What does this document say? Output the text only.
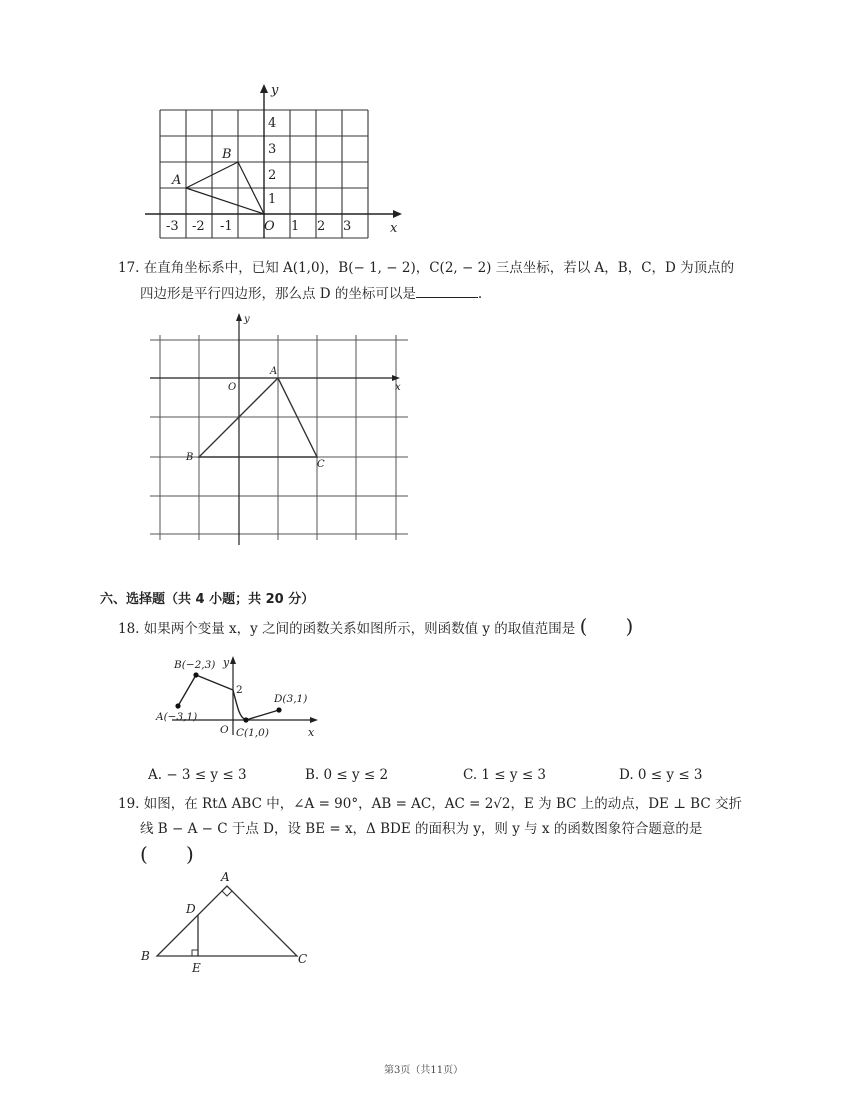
y
x
4
3
2
1
-3 -2 -1 O 1 2 3
A
B
17. 在直角坐标系中，已知 A(1,0)，B(− 1, − 2)，C(2, − 2) 三点坐标，若以 A，B，C，D 为顶点的
四边形是平行四边形，那么点 D 的坐标可以是	.
y
x
O
A
B
C
六、选择题（共 4 小题；共 20 分）
18. 如果两个变量 x，y 之间的函数关系如图所示，则函数值 y 的取值范围是 (      )
B(−2,3)
A(−3,1)
C(1,0)
D(3,1)
2
y
x
O
A. − 3 ≤ y ≤ 3	B. 0 ≤ y ≤ 2	C. 1 ≤ y ≤ 3	D. 0 ≤ y ≤ 3
19. 如图，在 RtΔ ABC 中，∠A = 90°，AB = AC，AC = 2√2，E 为 BC 上的动点，DE ⊥ BC 交折
线 B − A − C 于点 D，设 BE = x，Δ BDE 的面积为 y，则 y 与 x 的函数图象符合题意的是
(      )
A
D
B
E
C
第3页（共11页）
